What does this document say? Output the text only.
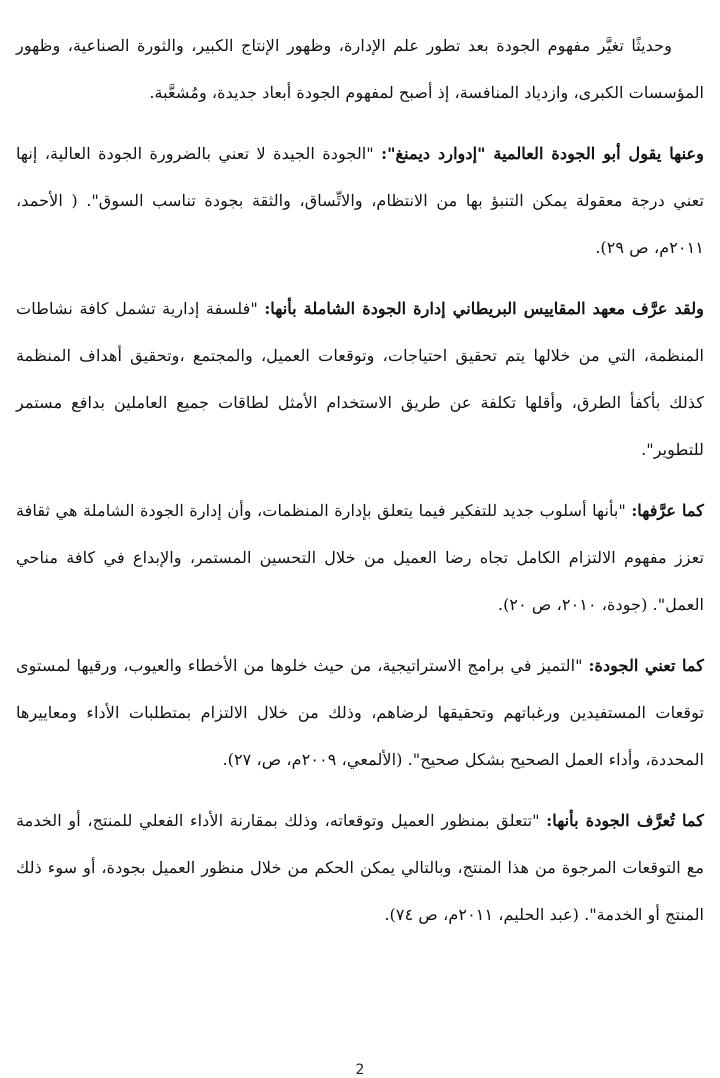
وحديثًا تغيَّر مفهوم الجودة بعد تطور علم الإدارة، وظهور الإنتاج الكبير، والثورة الصناعية، وظهور المؤسسات الكبرى، وازدياد المنافسة، إذ أصبح لمفهوم الجودة أبعاد جديدة، ومُشعَّبة.

وعنها يقول أبو الجودة العالمية "إدوارد ديمنغ": "الجودة الجيدة لا تعني بالضرورة الجودة العالية، إنها تعني درجة معقولة يمكن التنبؤ بها من الانتظام، والاتِّساق، والثقة بجودة تناسب السوق". ( الأحمد، ٢٠١١م، ص ٢٩).

ولقد عرَّف معهد المقاييس البريطاني إدارة الجودة الشاملة بأنها: "فلسفة إدارية تشمل كافة نشاطات المنظمة، التي من خلالها يتم تحقيق احتياجات، وتوقعات العميل، والمجتمع ،وتحقيق أهداف المنظمة كذلك بأكفأ الطرق، وأقلها تكلفة عن طريق الاستخدام الأمثل لطاقات جميع العاملين بدافع مستمر للتطوير".

كما عرَّفها: "بأنها أسلوب جديد للتفكير فيما يتعلق بإدارة المنظمات، وأن إدارة الجودة الشاملة هي ثقافة تعزز مفهوم الالتزام الكامل تجاه رضا العميل من خلال التحسين المستمر، والإبداع في كافة مناحي العمل". (جودة، ٢٠١٠، ص ٢٠).

كما تعني الجودة: "التميز في برامج الاستراتيجية، من حيث خلوها من الأخطاء والعيوب، ورقيها لمستوى توقعات المستفيدين ورغباتهم وتحقيقها لرضاهم، وذلك من خلال الالتزام بمتطلبات الأداء ومعاييرها المحددة، وأداء العمل الصحيح بشكل صحيح". (الألمعي، ٢٠٠٩م، ص، ٢٧).

كما تُعرَّف الجودة بأنها: "تتعلق بمنظور العميل وتوقعاته، وذلك بمقارنة الأداء الفعلي للمنتج، أو الخدمة مع التوقعات المرجوة من هذا المنتج، وبالتالي يمكن الحكم من خلال منظور العميل بجودة، أو سوء ذلك المنتج أو الخدمة". (عبد الحليم، ٢٠١١م، ص ٧٤).

2
